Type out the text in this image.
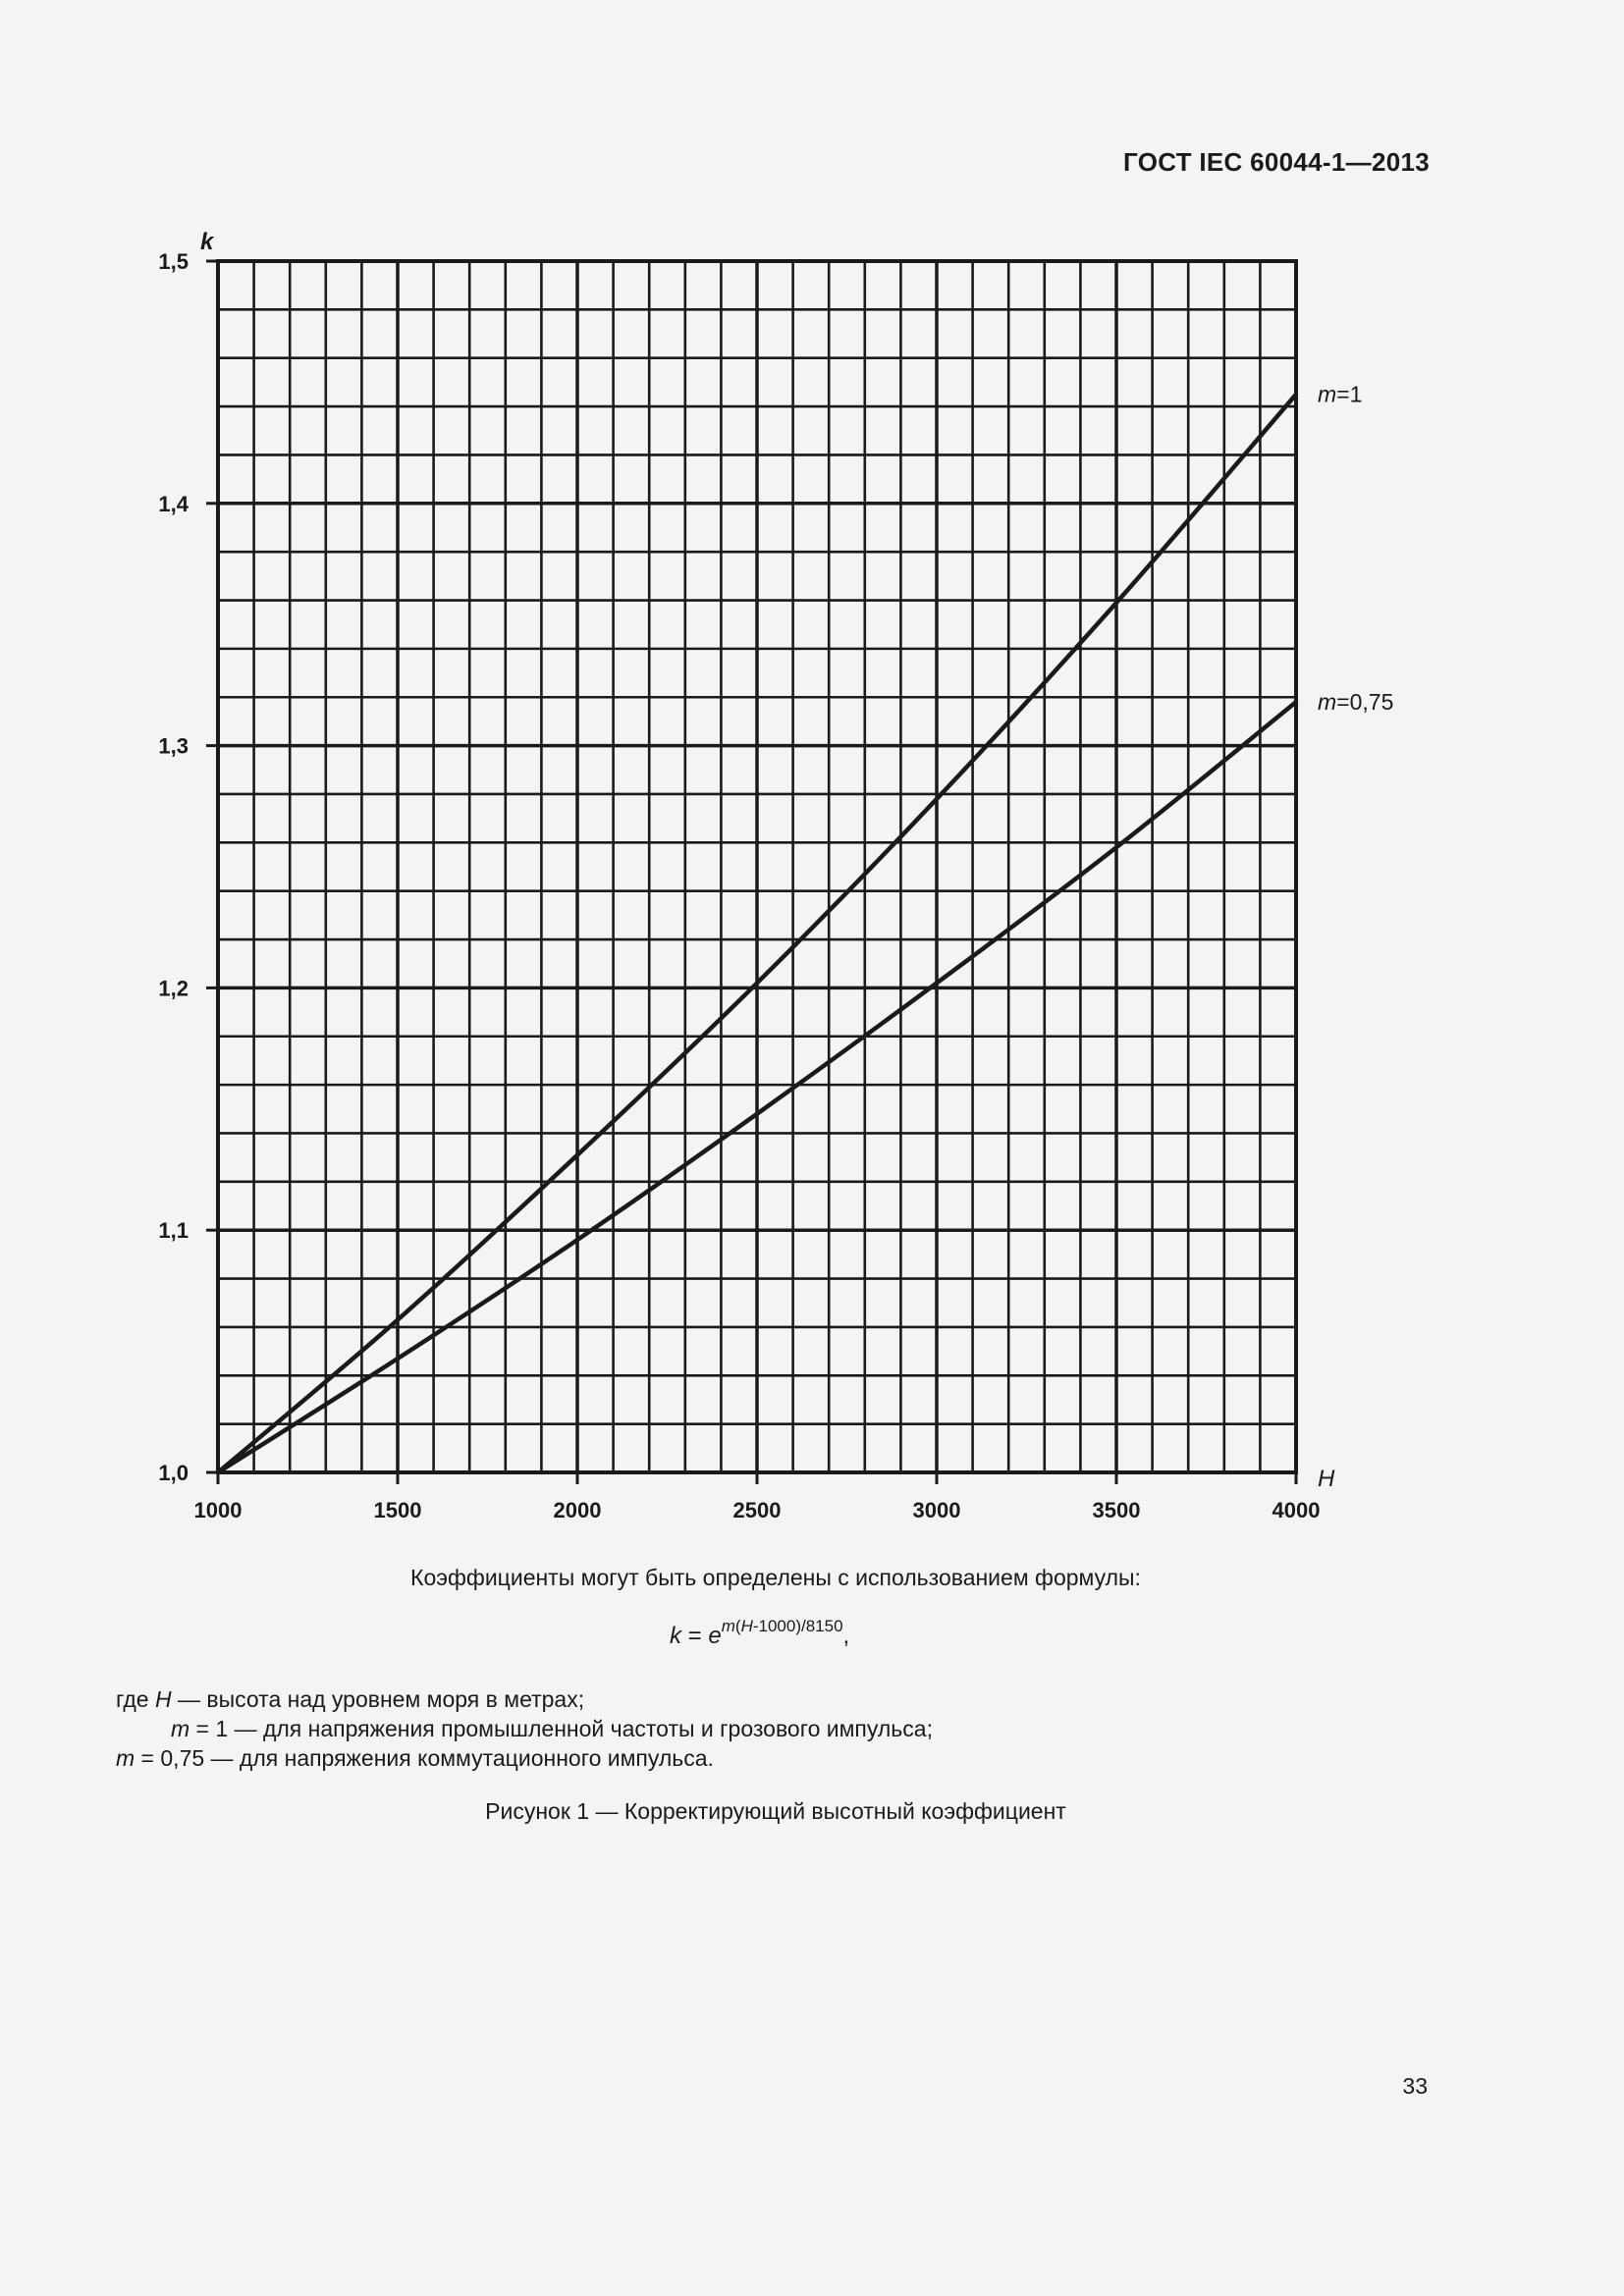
ГОСТ IEC 60044-1—2013
1000	1500	2000	2500	3000	3500	4000
1,0
1,1
1,2
1,3
1,4
1,5
m=1
m=0,75
k
H
Коэффициенты могут быть определены с использованием формулы:
$k = e^{m(H-1000)/8150}$,
где H — высота над уровнем моря в метрах;
m = 1 — для напряжения промышленной частоты и грозового импульса;
m = 0,75 — для напряжения коммутационного импульса.
Рисунок 1 — Корректирующий высотный коэффициент
33
